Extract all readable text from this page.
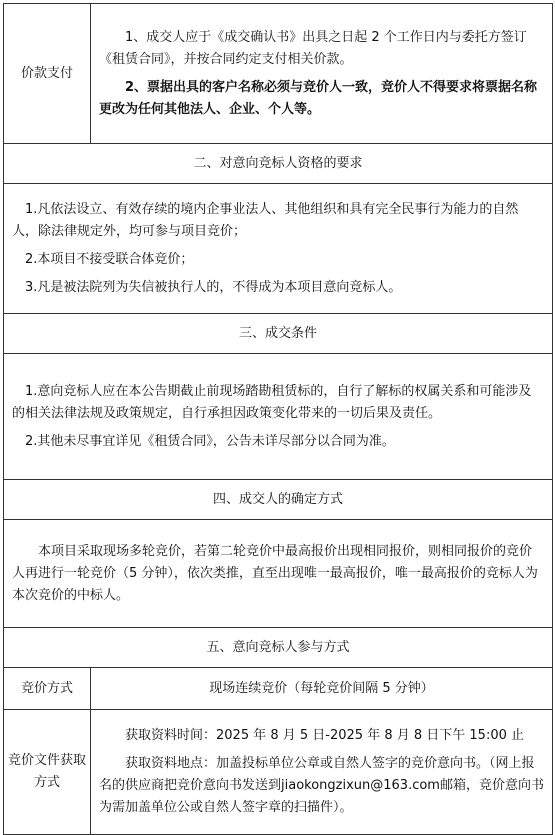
价款支付	1、成交人应于《成交确认书》出具之日起 2 个工作日内与委托方签订《租赁合同》，并按合同约定支付相关价款。

2、票据出具的客户名称必须与竞价人一致，竞价人不得要求将票据名称更改为任何其他法人、企业、个人等。

二、对意向竞标人资格的要求	

1.凡依法设立、有效存续的境内企事业法人、其他组织和具有完全民事行为能力的自然人，除法律规定外，均可参与项目竞价；

2.本项目不接受联合体竞价；

3.凡是被法院列为失信被执行人的，不得成为本项目意向竞标人。	

三、成交条件	

1.意向竞标人应在本公告期截止前现场踏勘租赁标的，自行了解标的权属关系和可能涉及的相关法律法规及政策规定，自行承担因政策变化带来的一切后果及责任。

2.其他未尽事宜详见《租赁合同》，公告未详尽部分以合同为准。	

四、成交人的确定方式	

本项目采取现场多轮竞价，若第二轮竞价中最高报价出现相同报价，则相同报价的竞价人再进行一轮竞价（5 分钟），依次类推，直至出现唯一最高报价，唯一最高报价的竞标人为本次竞价的中标人。	

五、意向竞标人参与方式	
竞价方式	现场连续竞价（每轮竞价间隔 5 分钟）
竞价文件获取方式	获取资料时间：2025 年 8 月 5 日-2025 年 8 月 8 日下午 15:00 止

获取资料地点：加盖投标单位公章或自然人签字的竞价意向书。（网上报名的供应商把竞价意向书发送到jiaokongzixun@163.com邮箱，竞价意向书为需加盖单位公或自然人签字章的扫描件）。
